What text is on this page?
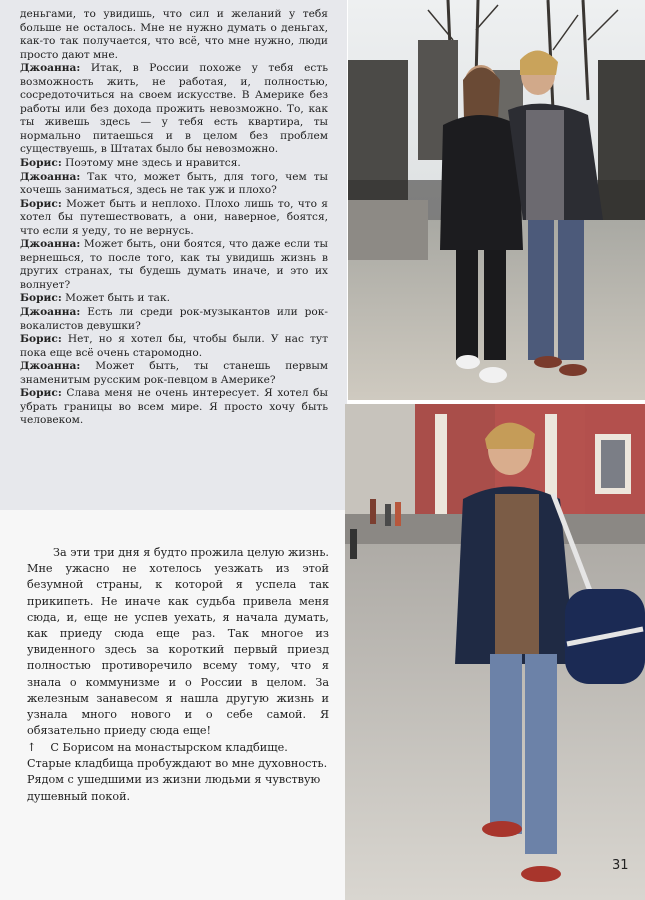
деньгами, то увидишь, что сил и желаний у тебя больше не осталось. Мне не нужно думать о деньгах, как-то так получается, что всё, что мне нужно, люди просто дают мне.

Джоанна: Итак, в России похоже у тебя есть возможность жить, не работая, и, полностью, сосредоточиться на своем искусстве. В Америке без работы или без дохода прожить невозможно. То, как ты живешь здесь — у тебя есть квартира, ты нормально питаешься и в целом без проблем существуешь, в Штатах было бы невозможно.

Борис: Поэтому мне здесь и нравится.

Джоанна: Так что, может быть, для того, чем ты хочешь заниматься, здесь не так уж и плохо?

Борис: Может быть и неплохо. Плохо лишь то, что я хотел бы путешествовать, а они, наверное, боятся, что если я уеду, то не вернусь.

Джоанна: Может быть, они боятся, что даже если ты вернешься, то после того, как ты увидишь жизнь в других странах, ты будешь думать иначе, и это их волнует?

Борис: Может быть и так.

Джоанна: Есть ли среди рок-музыкантов или рок-вокалистов девушки?

Борис: Нет, но я хотел бы, чтобы были. У нас тут пока еще всё очень старомодно.

Джоанна: Может быть, ты станешь первым знаменитым русским рок-певцом в Америке?

Борис: Слава меня не очень интересует. Я хотел бы убрать границы во всем мире. Я просто хочу быть человеком.

За эти три дня я будто прожила целую жизнь. Мне ужасно не хотелось уезжать из этой безумной страны, к которой я успела так прикипеть. Не иначе как судьба привела меня сюда, и, еще не успев уехать, я начала думать, как приеду сюда еще раз. Так многое из увиденного здесь за короткий первый приезд полностью противоречило всему тому, что я знала о коммунизме и о России в целом. За железным занавесом я нашла другую жизнь и узнала много нового и о себе самой. Я обязательно приеду сюда еще!

↑ С Борисом на монастырском кладбище. Старые кладбища пробуждают во мне духовность. Рядом с ушедшими из жизни людьми я чувствую душевный покой.
31
